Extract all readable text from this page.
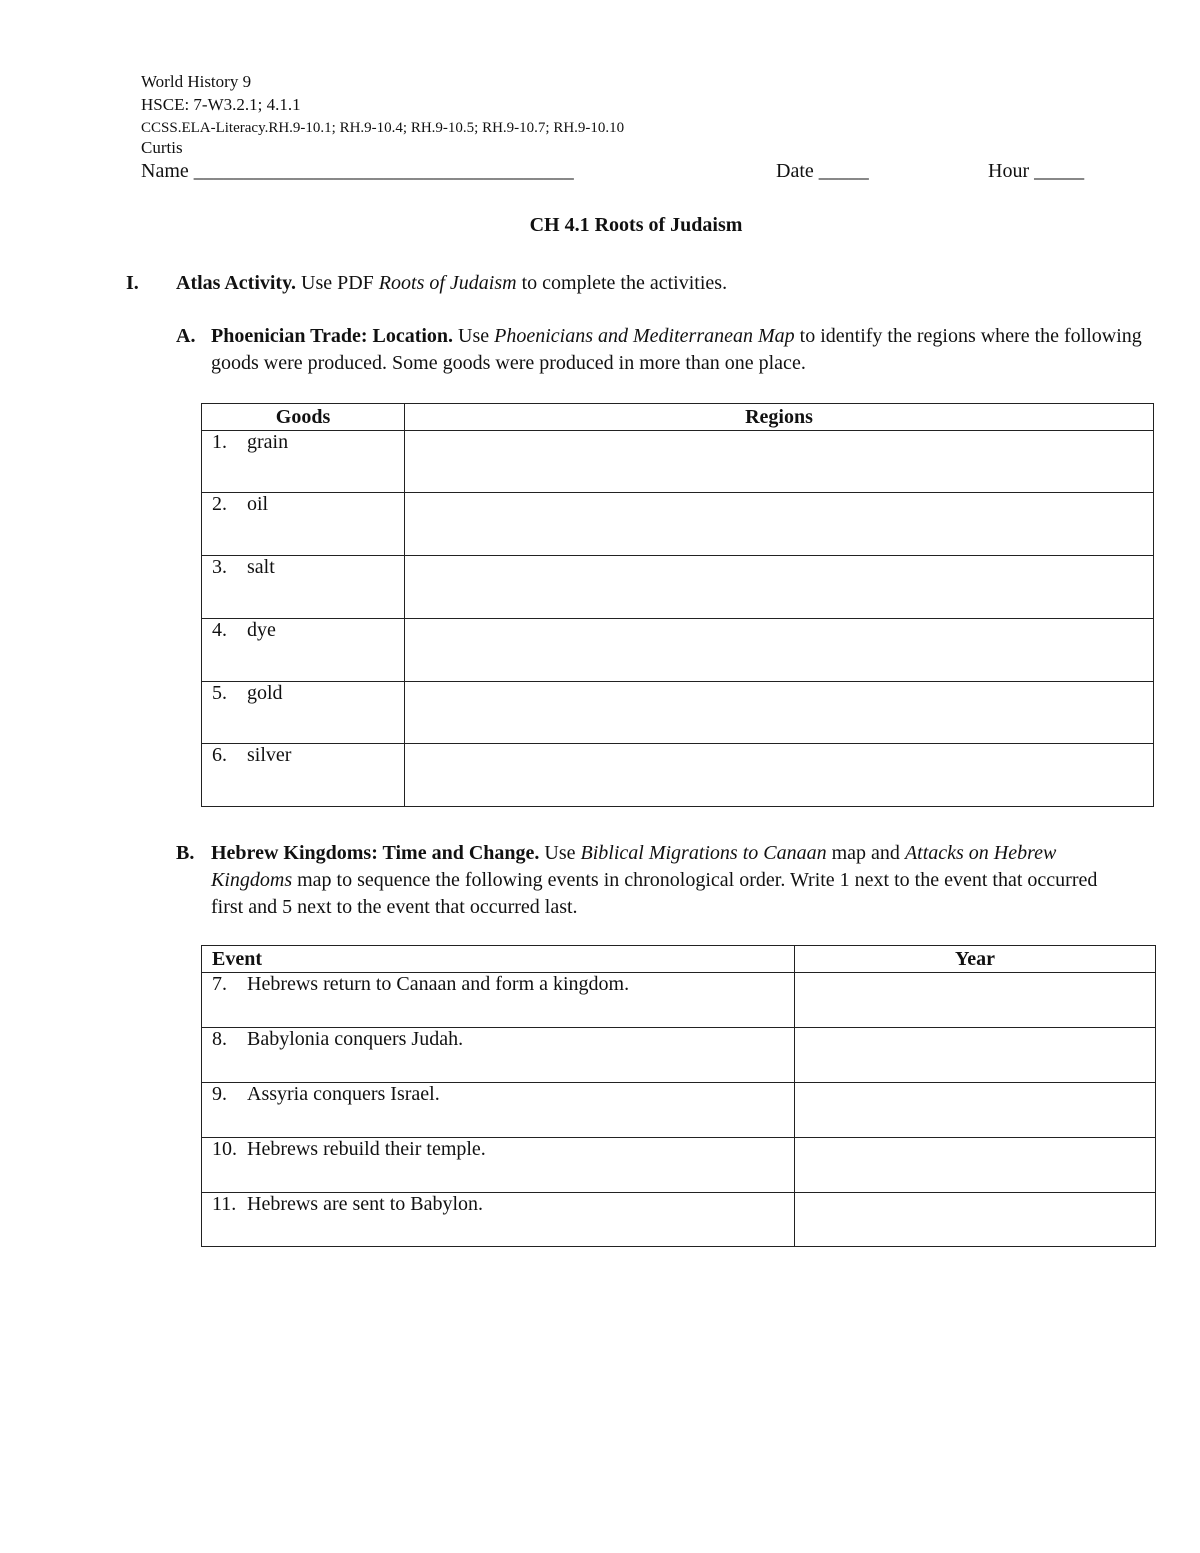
World History 9
HSCE: 7-W3.2.1; 4.1.1
CCSS.ELA-Literacy.RH.9-10.1; RH.9-10.4; RH.9-10.5; RH.9-10.7; RH.9-10.10
Curtis
Name ______________________________________	Date _____	Hour _____
CH 4.1 Roots of Judaism
I. Atlas Activity. Use PDF Roots of Judaism to complete the activities.
A. Phoenician Trade: Location. Use Phoenicians and Mediterranean Map to identify the regions where the following goods were produced. Some goods were produced in more than one place.
Goods	Regions
1. grain	
2. oil	
3. salt	
4. dye	
5. gold	
6. silver	
B. Hebrew Kingdoms: Time and Change. Use Biblical Migrations to Canaan map and Attacks on Hebrew Kingdoms map to sequence the following events in chronological order. Write 1 next to the event that occurred first and 5 next to the event that occurred last.
Event	Year
7. Hebrews return to Canaan and form a kingdom.	
8. Babylonia conquers Judah.	
9. Assyria conquers Israel.	
10. Hebrews rebuild their temple.	
11. Hebrews are sent to Babylon.	
